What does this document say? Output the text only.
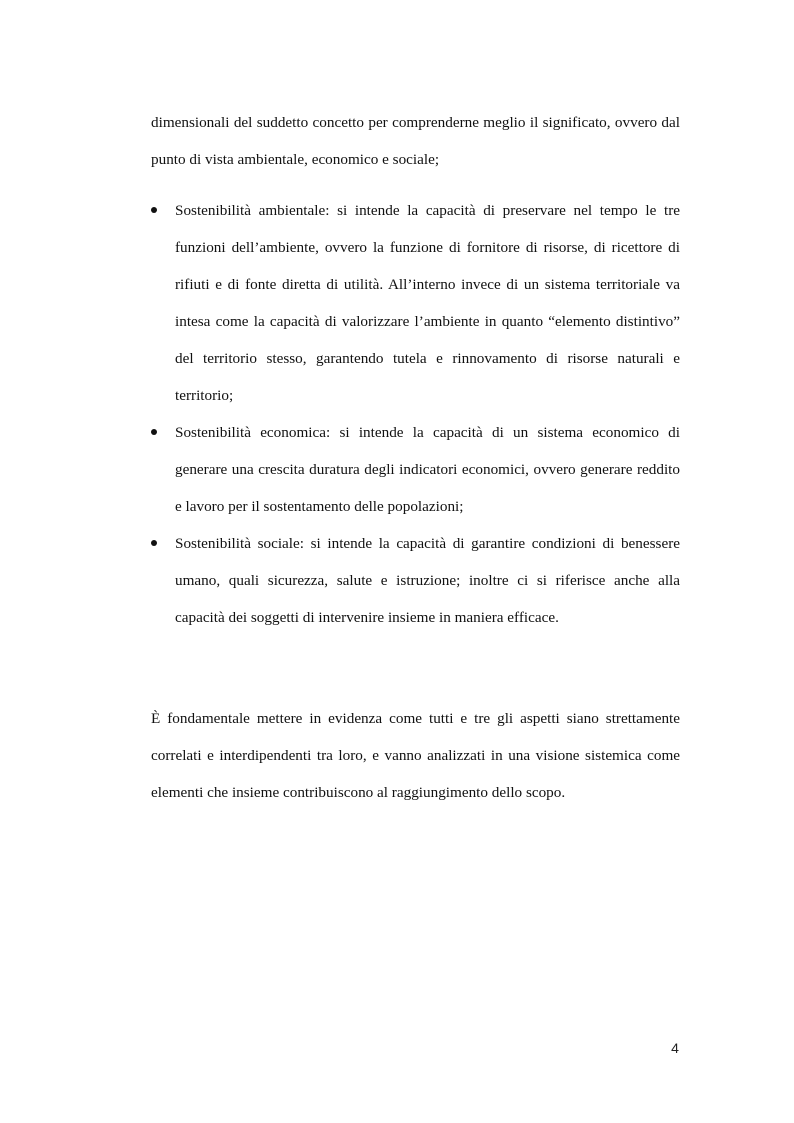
dimensionali del suddetto concetto per comprenderne meglio il significato, ovvero dal punto di vista ambientale, economico e sociale;

Sostenibilità ambientale: si intende la capacità di preservare nel tempo le tre funzioni dell’ambiente, ovvero la funzione di fornitore di risorse, di ricettore di rifiuti e di fonte diretta di utilità. All’interno invece di un sistema territoriale va intesa come la capacità di valorizzare l’ambiente in quanto “elemento distintivo” del territorio stesso, garantendo tutela e rinnovamento di risorse naturali e territorio;
Sostenibilità economica: si intende la capacità di un sistema economico di generare una crescita duratura degli indicatori economici, ovvero generare reddito e lavoro per il sostentamento delle popolazioni;
Sostenibilità sociale: si intende la capacità di garantire condizioni di benessere umano, quali sicurezza, salute e istruzione; inoltre ci si riferisce anche alla capacità dei soggetti di intervenire insieme in maniera efficace.

È fondamentale mettere in evidenza come tutti e tre gli aspetti siano strettamente correlati e interdipendenti tra loro, e vanno analizzati in una visione sistemica come elementi che insieme contribuiscono al raggiungimento dello scopo.

4
